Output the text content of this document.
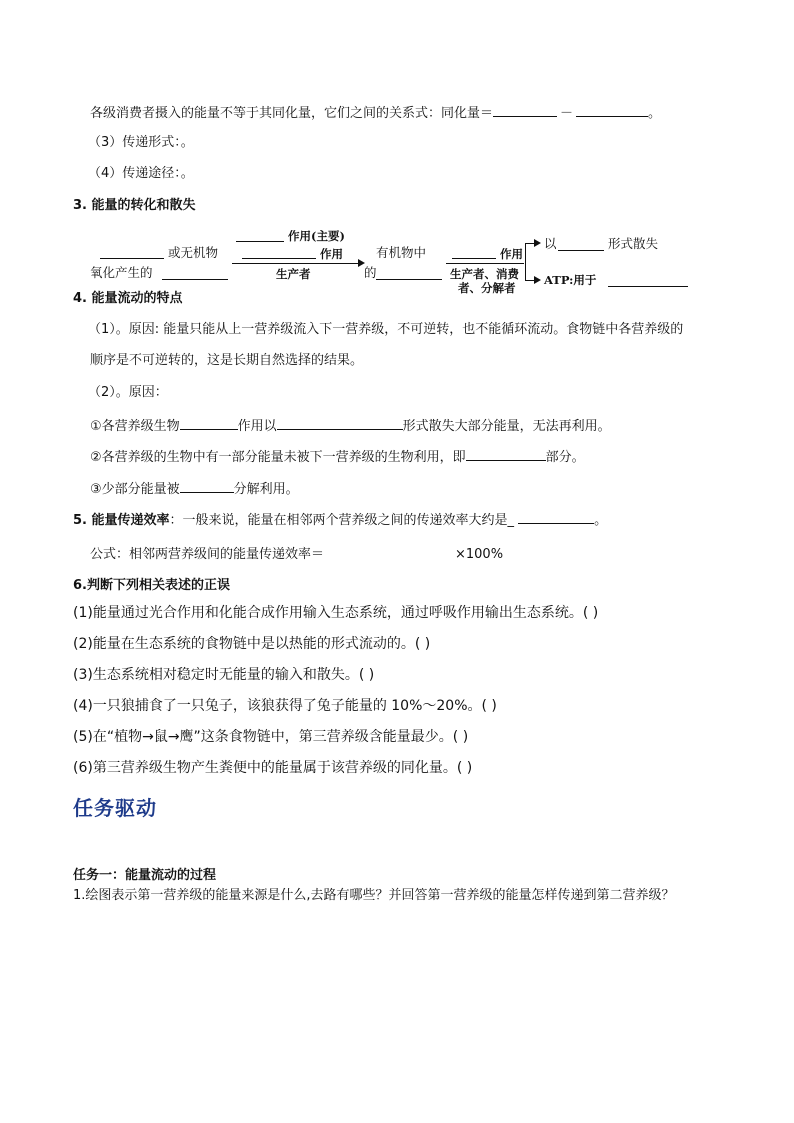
各级消费者摄入的能量不等于其同化量，它们之间的关系式：同化量＝	－	。
（3）传递形式：。
（4）传递途径：。
3. 能量的转化和散失
或无机物
氧化产生的
作用(主要)
作用
生产者
有机物中
的
作用
生产者、消费
者、分解者
以	形式散失
ATP:用于
4. 能量流动的特点
（1）。原因: 能量只能从上一营养级流入下一营养级，不可逆转，也不能循环流动。食物链中各营养级的
顺序是不可逆转的，这是长期自然选择的结果。
（2）。原因：
①各营养级生物	作用以	形式散失大部分能量，无法再利用。
②各营养级的生物中有一部分能量未被下一营养级的生物利用，即	部分。
③少部分能量被	分解利用。
5. 能量传递效率：一般来说，能量在相邻两个营养级之间的传递效率大约是_	。
公式：相邻两营养级间的能量传递效率＝	×100%
6.判断下列相关表述的正误
(1)能量通过光合作用和化能合成作用输入生态系统，通过呼吸作用输出生态系统。( )
(2)能量在生态系统的食物链中是以热能的形式流动的。( )
(3)生态系统相对稳定时无能量的输入和散失。( )
(4)一只狼捕食了一只兔子，该狼获得了兔子能量的 10%～20%。( )
(5)在“植物→鼠→鹰”这条食物链中，第三营养级含能量最少。( )
(6)第三营养级生物产生粪便中的能量属于该营养级的同化量。( )
任务驱动
任务一：能量流动的过程
1.绘图表示第一营养级的能量来源是什么,去路有哪些？并回答第一营养级的能量怎样传递到第二营养级？
